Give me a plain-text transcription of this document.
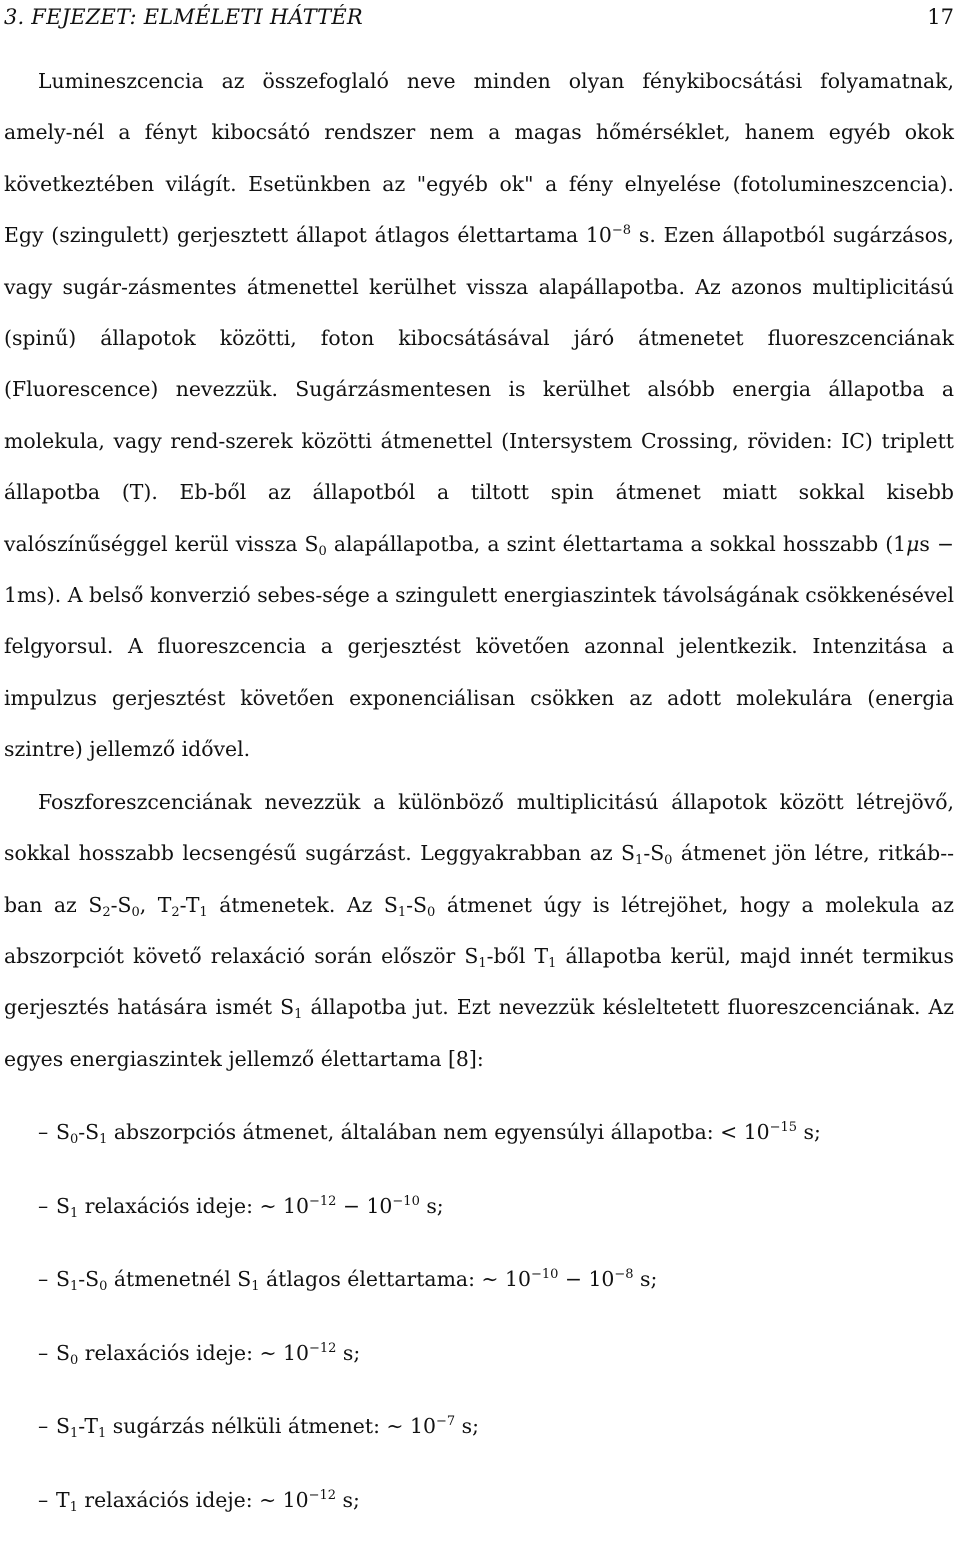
3. FEJEZET: ELMÉLETI HÁTTÉR	17

Lumineszcencia az összefoglaló neve minden olyan fénykibocsátási folyamatnak, amely-nél a fényt kibocsátó rendszer nem a magas hőmérséklet, hanem egyéb okok következtében világít. Esetünkben az "egyéb ok" a fény elnyelése (fotolumineszcencia). Egy (szingulett) gerjesztett állapot átlagos élettartama $10^{-8}$ s. Ezen állapotból sugárzásos, vagy sugár-zásmentes átmenettel kerülhet vissza alapállapotba. Az azonos multiplicitású (spinű) állapotok közötti, foton kibocsátásával járó átmenetet fluoreszcenciának (Fluorescence) nevezzük. Sugárzásmentesen is kerülhet alsóbb energia állapotba a molekula, vagy rend-szerek közötti átmenettel (Intersystem Crossing, röviden: IC) triplett állapotba (T). Eb-ből az állapotból a tiltott spin átmenet miatt sokkal kisebb valószínűséggel kerül vissza $S_0$ alapállapotba, a szint élettartama a sokkal hosszabb (1μs − 1ms). A belső konverzió sebes-sége a szingulett energiaszintek távolságának csökkenésével felgyorsul. A fluoreszcencia a gerjesztést követően azonnal jelentkezik. Intenzitása a impulzus gerjesztést követően exponenciálisan csökken az adott molekulára (energia szintre) jellemző idővel.

Foszforeszcenciának nevezzük a különböző multiplicitású állapotok között létrejövő, sokkal hosszabb lecsengésű sugárzást. Leggyakrabban az $S_1-S_0$ átmenet jön létre, ritkáb-ban az $S_2-S_0$, $T_2-T_1$ átmenetek. Az $S_1-S_0$ átmenet úgy is létrejöhet, hogy a molekula az abszorpciót követő relaxáció során először $S_1$-ből $T_1$ állapotba kerül, majd innét termikus gerjesztés hatására ismét $S_1$ állapotba jut. Ezt nevezzük késleltetett fluoreszcenciának. Az egyes energiaszintek jellemző élettartama [8]:

– $S_0-S_1$ abszorpciós átmenet, általában nem egyensúlyi állapotba: < $10^{-15}$ s;
– $S_1$ relaxációs ideje: ∼ $10^{-12} - 10^{-10}$ s;
– $S_1-S_0$ átmenetnél $S_1$ átlagos élettartama: ∼ $10^{-10} - 10^{-8}$ s;
– $S_0$ relaxációs ideje: ∼ $10^{-12}$ s;
– $S_1-T_1$ sugárzás nélküli átmenet: ∼ $10^{-7}$ s;
– $T_1$ relaxációs ideje: ∼ $10^{-12}$ s;
